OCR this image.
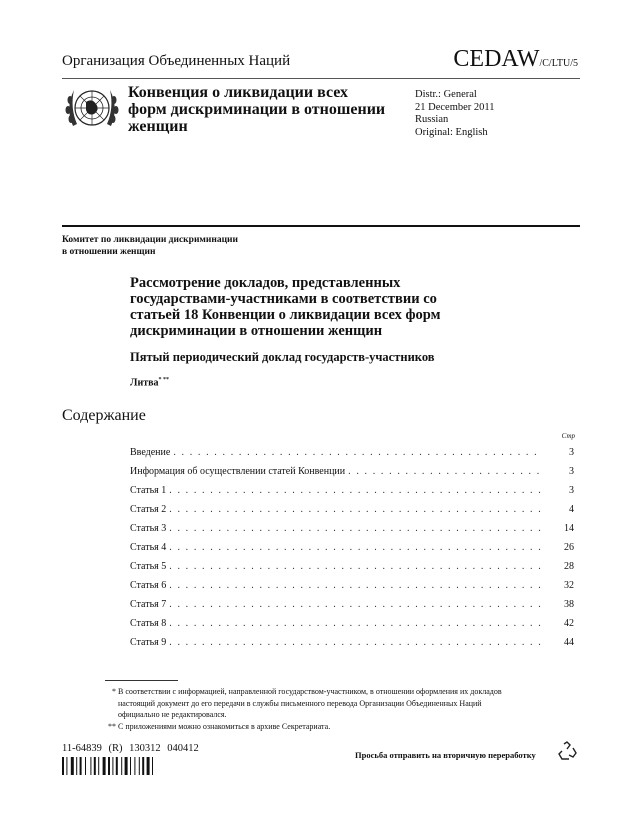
Организация Объединенных Наций	CEDAW/C/LTU/5
Конвенция о ликвидации всех форм дискриминации в отношении женщин
Distr.: General
21 December 2011
Russian
Original: English
Комитет по ликвидации дискриминации
в отношении женщин
Рассмотрение докладов, представленных государствами-участниками в соответствии со статьей 18 Конвенции о ликвидации всех форм дискриминации в отношении женщин
Пятый периодический доклад государств-участников
Литва* **
Содержание
Стр
Введение . . .	3
Информация об осуществлении статей Конвенции . . .	3
Статья 1 . . .	3
Статья 2 . . .	4
Статья 3 . . .	14
Статья 4 . . .	26
Статья 5 . . .	28
Статья 6 . . .	32
Статья 7 . . .	38
Статья 8 . . .	42
Статья 9 . . .	44
* В соответствии с информацией, направленной государством-участником, в отношении оформления их докладов настоящий документ до его передачи в службы письменного перевода Организации Объединенных Наций официально не редактировался.
** С приложениями можно ознакомиться в архиве Секретариата.
11-64839 (R) 130312 040412
Просьба отправить на вторичную переработку
